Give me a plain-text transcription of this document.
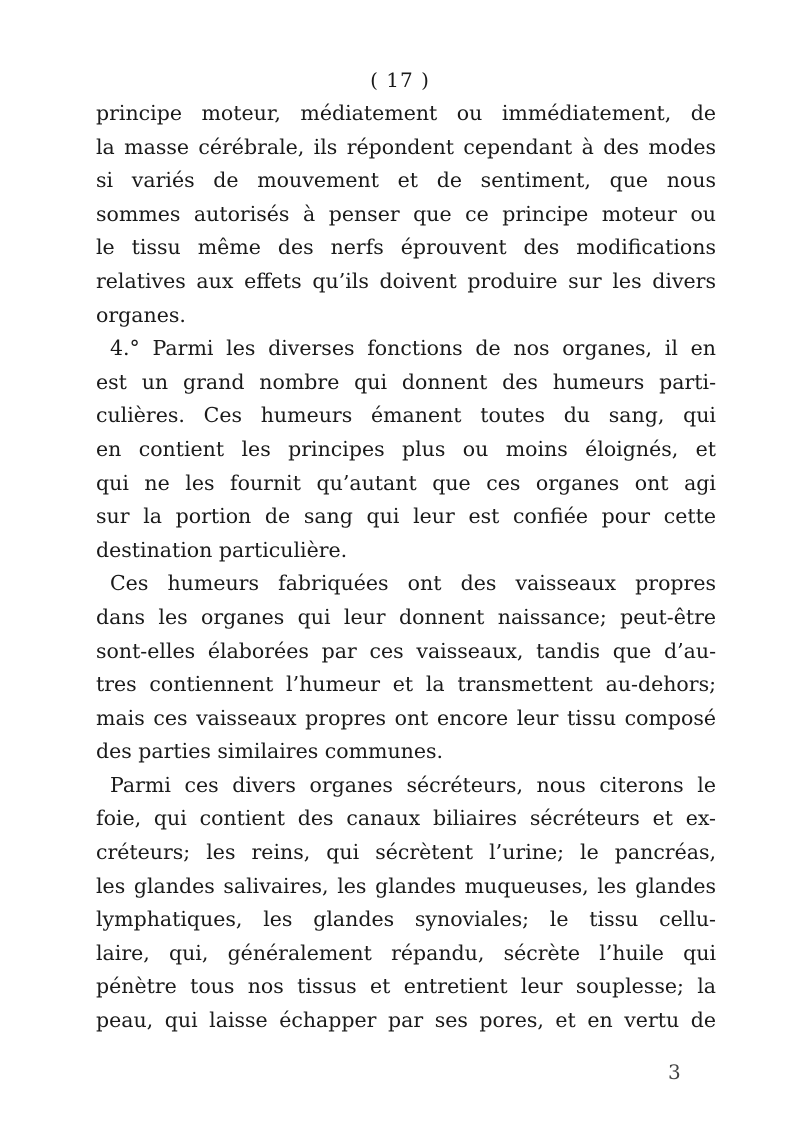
( 17 )
principe moteur, médiatement ou immédiatement, de
la masse cérébrale, ils répondent cependant à des modes
si variés de mouvement et de sentiment, que nous
sommes autorisés à penser que ce principe moteur ou
le tissu même des nerfs éprouvent des modifications
relatives aux effets qu’ils doivent produire sur les divers
organes.
4.° Parmi les diverses fonctions de nos organes, il en
est un grand nombre qui donnent des humeurs parti-
culières. Ces humeurs émanent toutes du sang, qui
en contient les principes plus ou moins éloignés, et
qui ne les fournit qu’autant que ces organes ont agi
sur la portion de sang qui leur est confiée pour cette
destination particulière.
Ces humeurs fabriquées ont des vaisseaux propres
dans les organes qui leur donnent naissance; peut-être
sont-elles élaborées par ces vaisseaux, tandis que d’au-
tres contiennent l’humeur et la transmettent au-dehors;
mais ces vaisseaux propres ont encore leur tissu composé
des parties similaires communes.
Parmi ces divers organes sécréteurs, nous citerons le
foie, qui contient des canaux biliaires sécréteurs et ex-
créteurs; les reins, qui sécrètent l’urine; le pancréas,
les glandes salivaires, les glandes muqueuses, les glandes
lymphatiques, les glandes synoviales; le tissu cellu-
laire, qui, généralement répandu, sécrète l’huile qui
pénètre tous nos tissus et entretient leur souplesse; la
peau, qui laisse échapper par ses pores, et en vertu de
3
